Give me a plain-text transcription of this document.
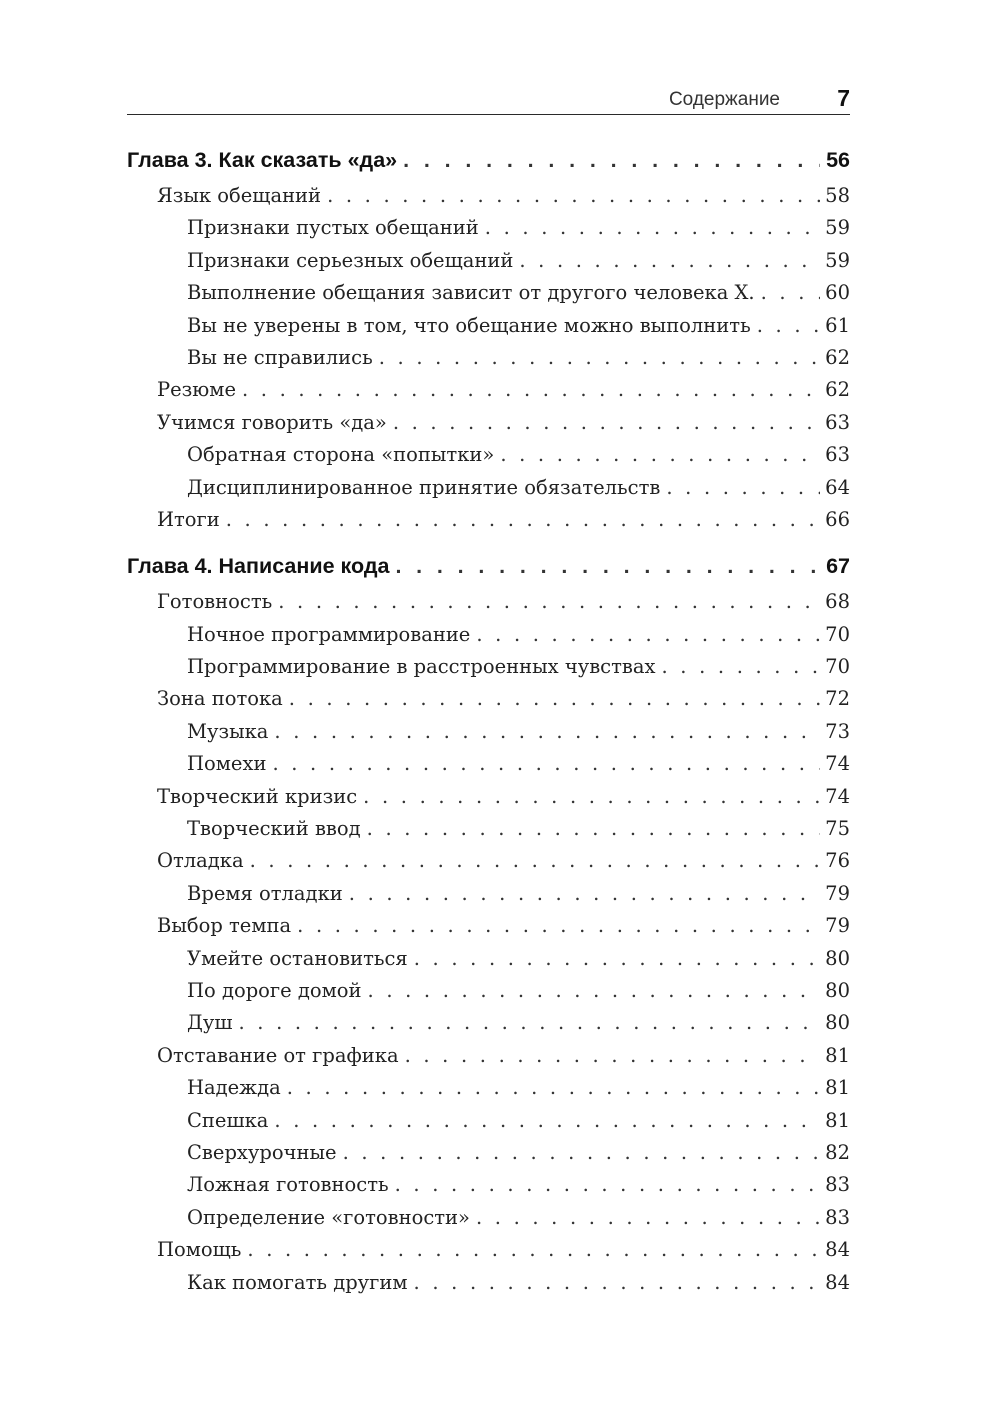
Содержание 7
Глава 3. Как сказать «да» . . .	56
Язык обещаний . . .	58
Признаки пустых обещаний . . .	59
Признаки серьезных обещаний . . .	59
Выполнение обещания зависит от другого человека X. . . .	60
Вы не уверены в том, что обещание можно выполнить . . .	61
Вы не справились . . .	62
Резюме . . .	62
Учимся говорить «да» . . .	63
Обратная сторона «попытки» . . .	63
Дисциплинированное принятие обязательств . . .	64
Итоги . . .	66
Глава 4. Написание кода . . .	67
Готовность . . .	68
Ночное программирование . . .	70
Программирование в расстроенных чувствах . . .	70
Зона потока . . .	72
Музыка . . .	73
Помехи . . .	74
Творческий кризис . . .	74
Творческий ввод . . .	75
Отладка . . .	76
Время отладки . . .	79
Выбор темпа . . .	79
Умейте остановиться . . .	80
По дороге домой . . .	80
Душ . . .	80
Отставание от графика . . .	81
Надежда . . .	81
Спешка . . .	81
Сверхурочные . . .	82
Ложная готовность . . .	83
Определение «готовности» . . .	83
Помощь . . .	84
Как помогать другим . . .	84
